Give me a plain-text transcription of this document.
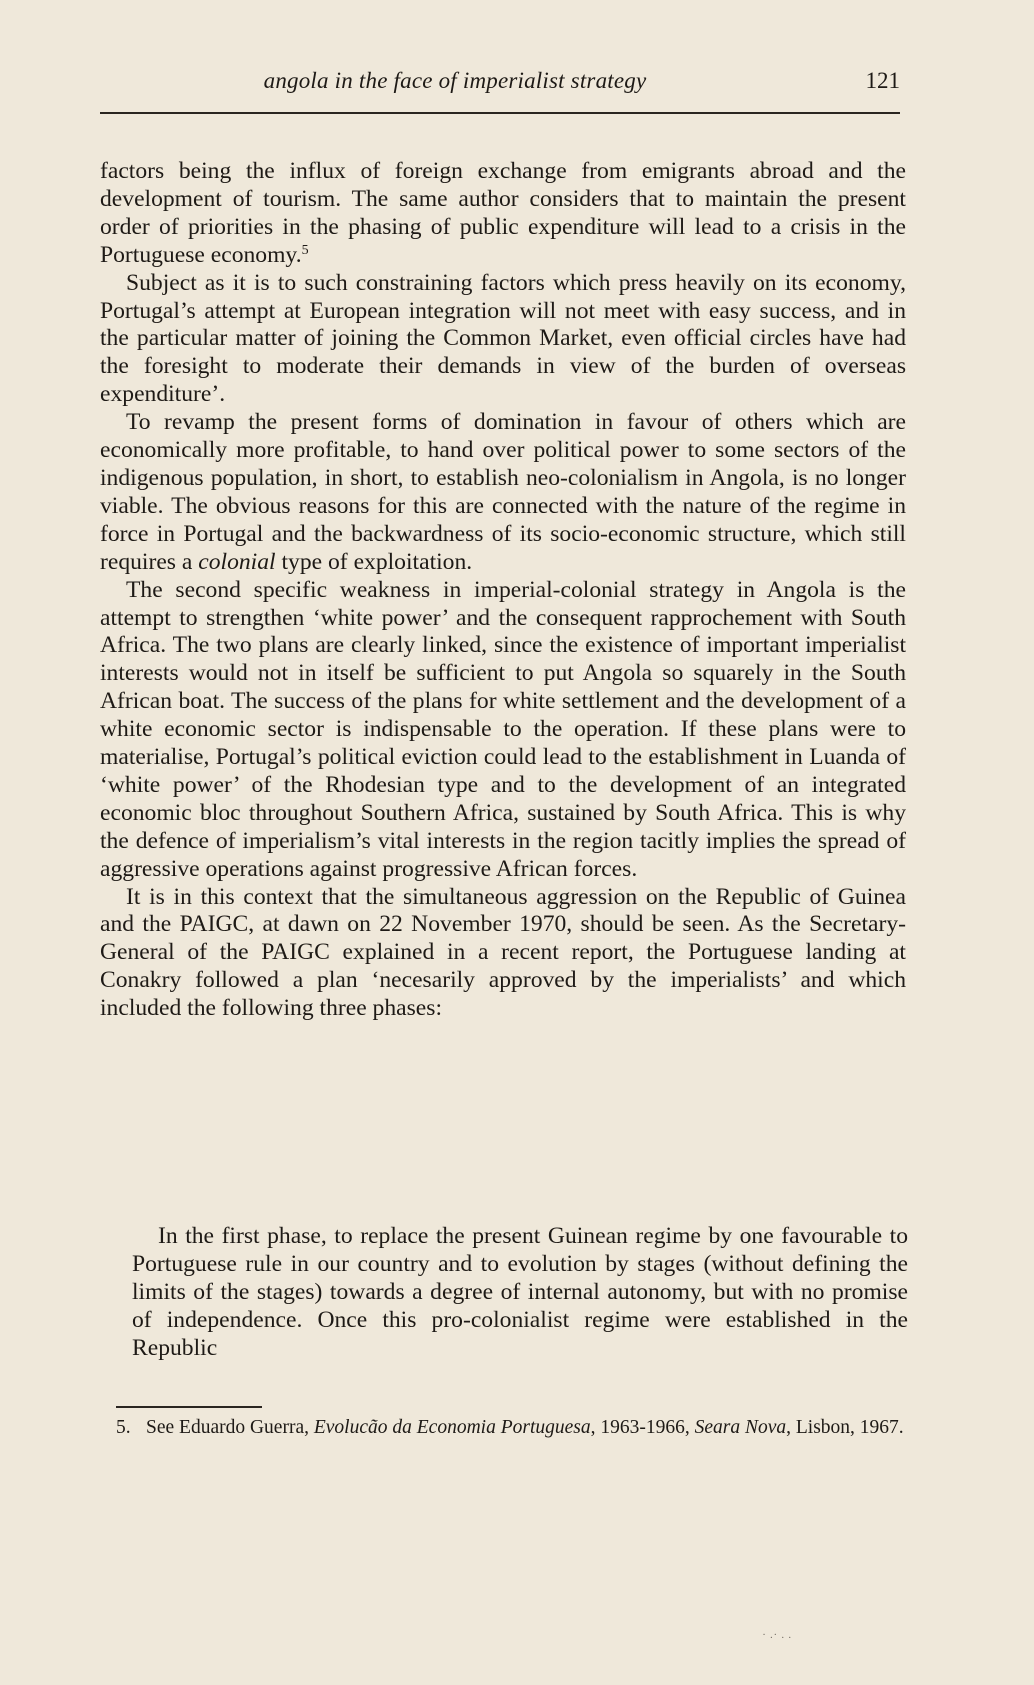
angola in the face of imperialist strategy	121

factors being the influx of foreign exchange from emigrants abroad and the development of tourism. The same author considers that to maintain the present order of priorities in the phasing of public expenditure will lead to a crisis in the Portuguese economy.$^5$

Subject as it is to such constraining factors which press heavily on its economy, Portugal’s attempt at European integration will not meet with easy success, and in the particular matter of joining the Common Market, even official circles have had the foresight to moderate their demands in view of the burden of overseas expenditure’.

To revamp the present forms of domination in favour of others which are economically more profitable, to hand over political power to some sectors of the indigenous population, in short, to establish neo-colonialism in Angola, is no longer viable. The obvious reasons for this are connected with the nature of the regime in force in Portugal and the backwardness of its socio-economic structure, which still requires a colonial type of exploitation.

The second specific weakness in imperial-colonial strategy in Angola is the attempt to strengthen ‘white power’ and the consequent rapprochement with South Africa. The two plans are clearly linked, since the existence of important imperialist interests would not in itself be sufficient to put Angola so squarely in the South African boat. The success of the plans for white settlement and the development of a white economic sector is indispensable to the operation. If these plans were to materialise, Portugal’s political eviction could lead to the establishment in Luanda of ‘white power’ of the Rhodesian type and to the development of an integrated economic bloc throughout Southern Africa, sustained by South Africa. This is why the defence of imperialism’s vital interests in the region tacitly implies the spread of aggressive operations against progressive African forces.

It is in this context that the simultaneous aggression on the Republic of Guinea and the PAIGC, at dawn on 22 November 1970, should be seen. As the Secretary-General of the PAIGC explained in a recent report, the Portuguese landing at Conakry followed a plan ‘necesarily approved by the imperialists’ and which included the following three phases:

In the first phase, to replace the present Guinean regime by one favourable to Portuguese rule in our country and to evolution by stages (without defining the limits of the stages) towards a degree of internal autonomy, but with no promise of independence. Once this pro-colonialist regime were established in the Republic

5. See Eduardo Guerra, Evolucão da Economia Portuguesa, 1963-1966, Seara Nova, Lisbon, 1967.
· .· . .
